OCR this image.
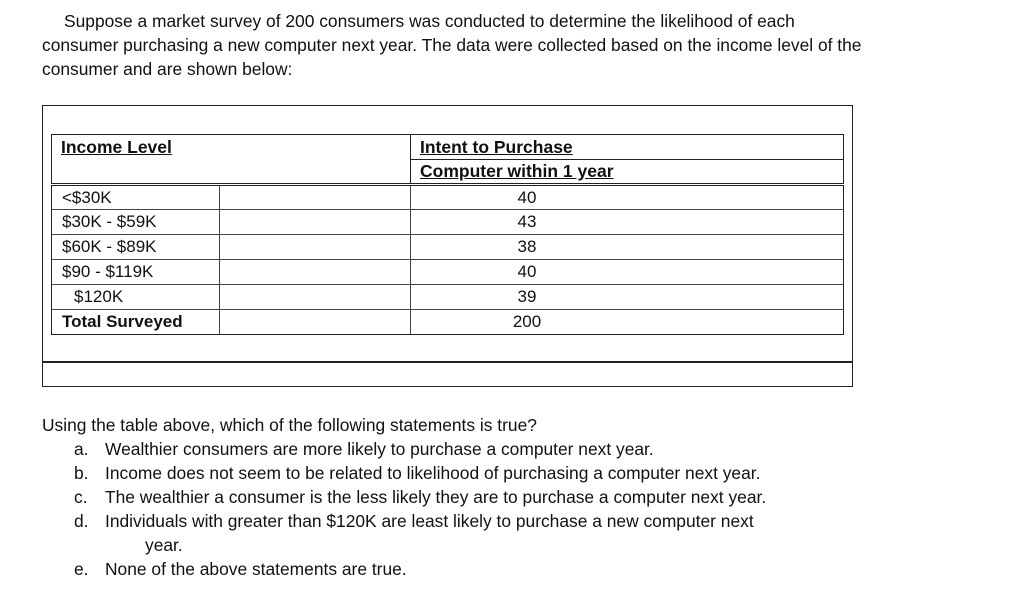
Suppose a market survey of 200 consumers was conducted to determine the likelihood of each consumer purchasing a new computer next year. The data were collected based on the income level of the consumer and are shown below:
Income Level	Intent to Purchase
Computer within 1 year
<$30K	40
$30K - $59K	43
$60K - $89K	38
$90 - $119K	40
$120K	39
Total Surveyed	200
Using the table above, which of the following statements is true?
a. Wealthier consumers are more likely to purchase a computer next year.
b. Income does not seem to be related to likelihood of purchasing a computer next year.
c. The wealthier a consumer is the less likely they are to purchase a computer next year.
d. Individuals with greater than $120K are least likely to purchase a new computer next
year.
e. None of the above statements are true.
